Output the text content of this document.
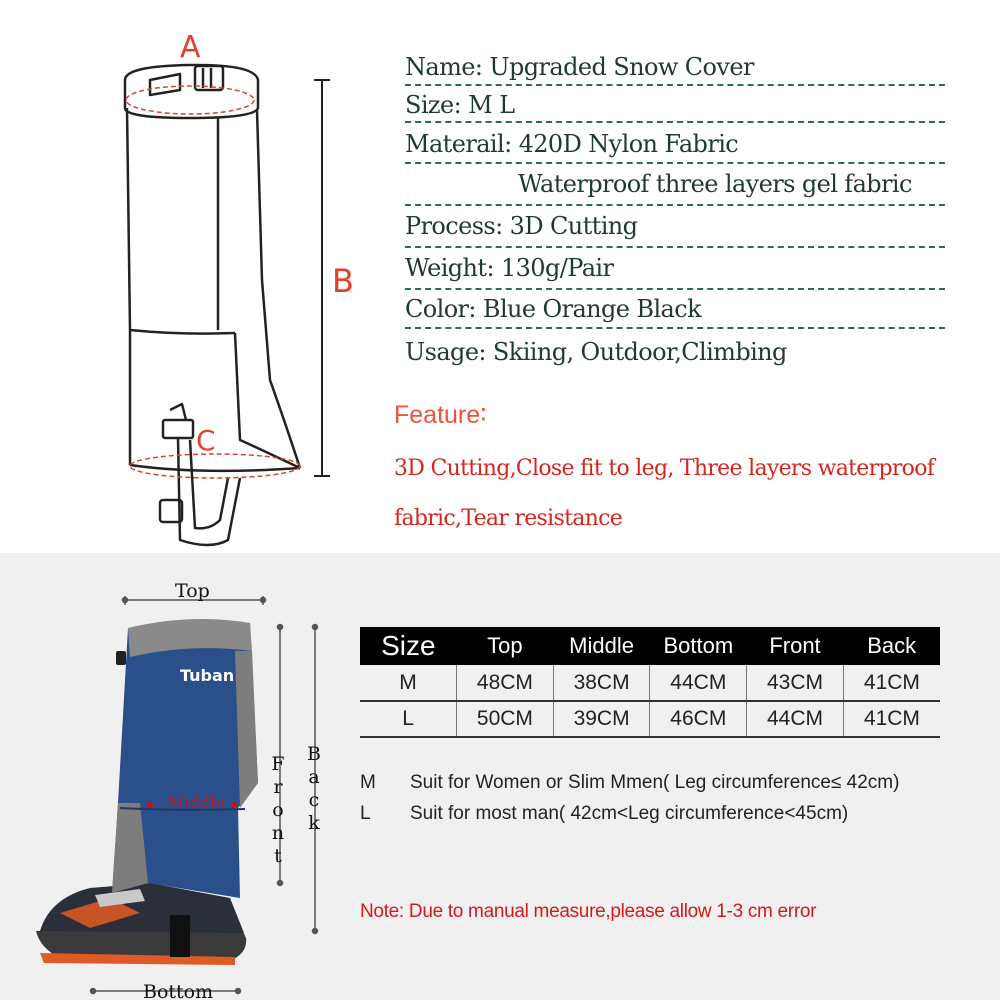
A
B
C
Name: Upgraded Snow Cover
Size: M L
Materail: 420D Nylon Fabric
Waterproof three layers gel fabric
Process: 3D Cutting
Weight: 130g/Pair
Color: Blue Orange Black
Usage: Skiing, Outdoor,Climbing
Feature∶
3D Cutting,Close fit to leg, Three layers waterproof
fabric,Tear resistance
Top
Bottom
Tuban
Middle
F
r
o
n
t
B
a
c
k
Size	Top	Middle	Bottom	Front	Back
M	48CM	38CM	44CM	43CM	41CM
L	50CM	39CM	46CM	44CM	41CM
M Suit for Women or Slim Mmen( Leg circumference≤ 42cm)
L Suit for most man( 42cm<Leg circumference<45cm)
Note: Due to manual measure,please allow 1-3 cm error
